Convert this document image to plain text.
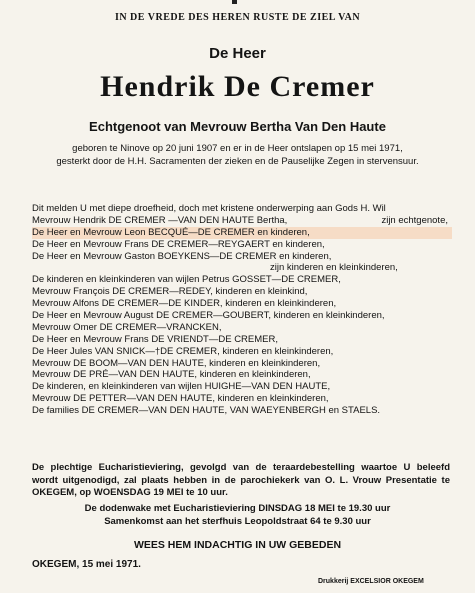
IN DE VREDE DES HEREN RUSTE DE ZIEL VAN
De Heer
Hendrik De Cremer
Echtgenoot van Mevrouw Bertha Van Den Haute
geboren te Ninove op 20 juni 1907 en er in de Heer ontslapen op 15 mei 1971,
gesterkt door de H.H. Sacramenten der zieken en de Pauselijke Zegen in stervensuur.
Dit melden U met diepe droefheid, doch met kristene onderwerping aan Gods H. Wil
Mevrouw Hendrik DE CREMER —VAN DEN HAUTE Bertha,	zijn echtgenote,
De Heer en Mevrouw Leon BECQUÉ—DE CREMER en kinderen,
De Heer en Mevrouw Frans DE CREMER—REYGAERT en kinderen,
De Heer en Mevrouw Gaston BOEYKENS—DE CREMER en kinderen,
zijn kinderen en kleinkinderen,
De kinderen en kleinkinderen van wijlen Petrus GOSSET—DE CREMER,
Mevrouw François DE CREMER—REDEY, kinderen en kleinkind,
Mevrouw Alfons DE CREMER—DE KINDER, kinderen en kleinkinderen,
De Heer en Mevrouw August DE CREMER—GOUBERT, kinderen en kleinkinderen,
Mevrouw Omer DE CREMER—VRANCKEN,
De Heer en Mevrouw Frans DE VRIENDT—DE CREMER,
De Heer Jules VAN SNICK—†DE CREMER, kinderen en kleinkinderen,
Mevrouw DE BOOM—VAN DEN HAUTE, kinderen en kleinkinderen,
Mevrouw DE PRÉ—VAN DEN HAUTE, kinderen en kleinkinderen,
De kinderen, en kleinkinderen van wijlen HUIGHE—VAN DEN HAUTE,
Mevrouw DE PETTER—VAN DEN HAUTE, kinderen en kleinkinderen,
De families DE CREMER—VAN DEN HAUTE, VAN WAEYENBERGH en STAELS.
De plechtige Eucharistieviering, gevolgd van de teraardebestelling waartoe U beleefd
wordt uitgenodigd, zal plaats hebben in de parochiekerk van O. L. Vrouw Presentatie te
OKEGEM, op WOENSDAG 19 MEI te 10 uur.
De dodenwake met Eucharistieviering DINSDAG 18 MEI te 19.30 uur
Samenkomst aan het sterfhuis Leopoldstraat 64 te 9.30 uur
WEES HEM INDACHTIG IN UW GEBEDEN
OKEGEM, 15 mei 1971.
Drukkerij EXCELSIOR OKEGEM
